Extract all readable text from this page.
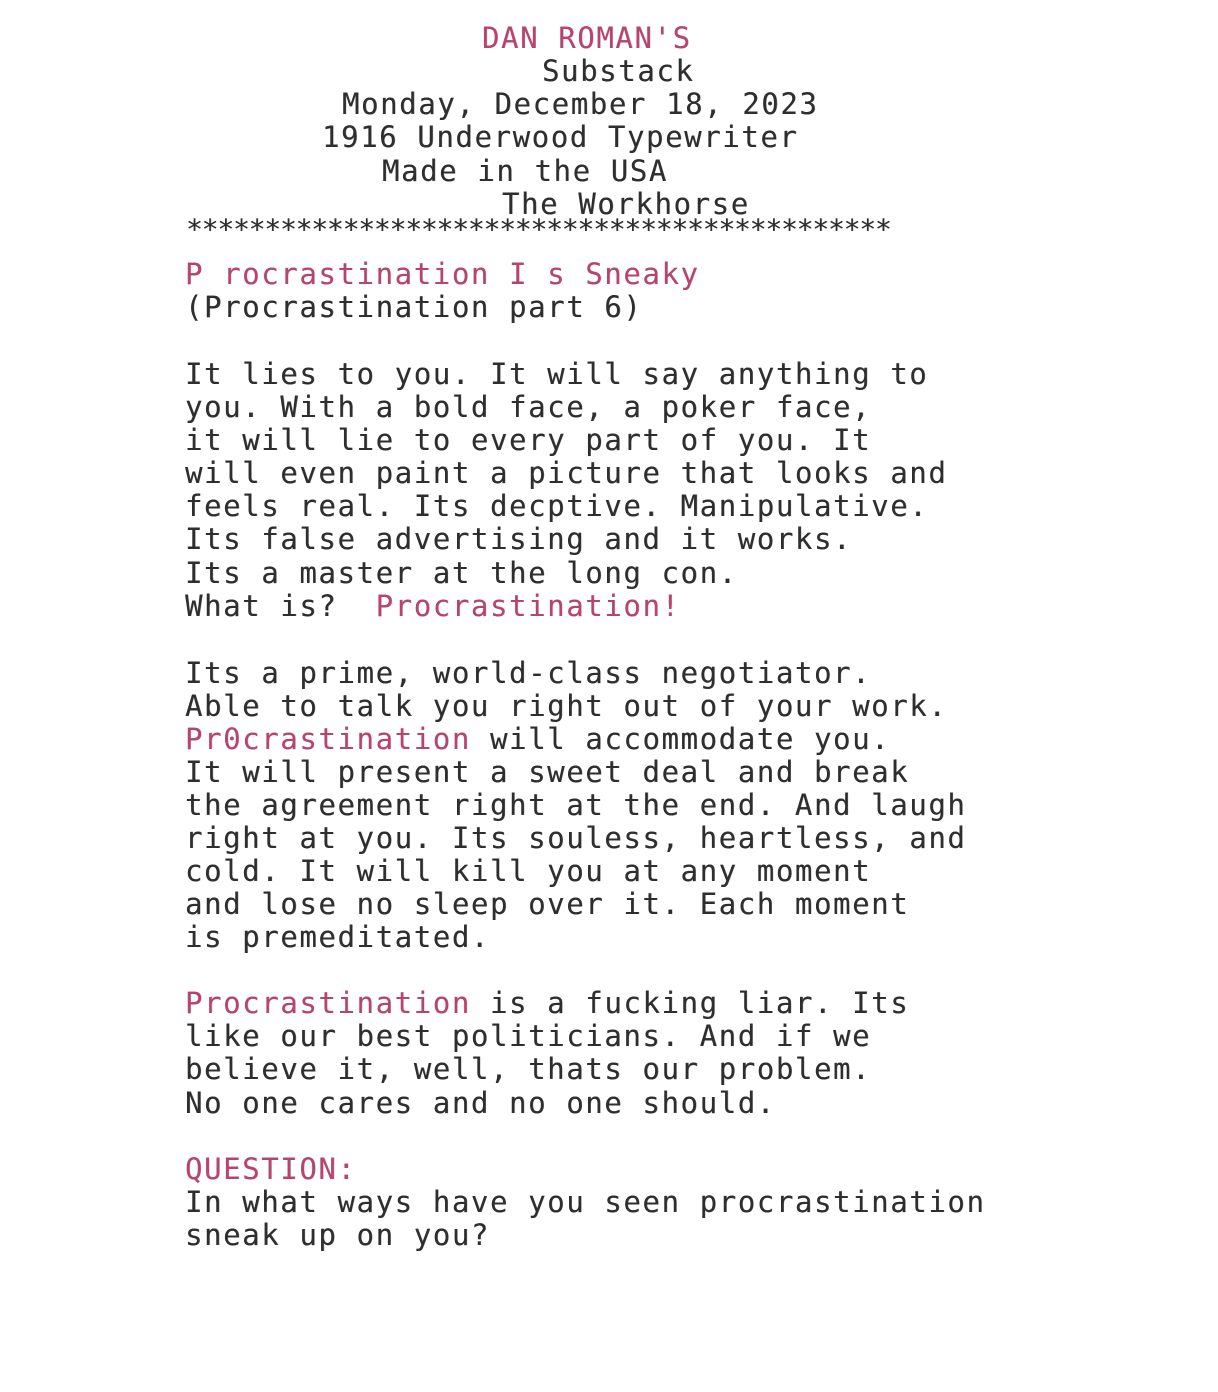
DAN ROMAN'S
Substack
Monday, December 18, 2023
1916 Underwood Typewriter
Made in the USA
The Workhorse
*********************************************
P rocrastination I s Sneaky
(Procrastination part 6)
It lies to you. It will say anything to
you. With a bold face, a poker face,
it will lie to every part of you. It
will even paint a picture that looks and
feels real. Its decptive. Manipulative.
Its false advertising and it works.
Its a master at the long con.
What is? Procrastination!
Its a prime, world-class negotiator.
Able to talk you right out of your work.
Pr0crastination will accommodate you.
It will present a sweet deal and break
the agreement right at the end. And laugh
right at you. Its souless, heartless, and
cold. It will kill you at any moment
and lose no sleep over it. Each moment
is premeditated.
Procrastination is a fucking liar. Its
like our best politicians. And if we
believe it, well, thats our problem.
No one cares and no one should.
QUESTION:
In what ways have you seen procrastination
sneak up on you?
